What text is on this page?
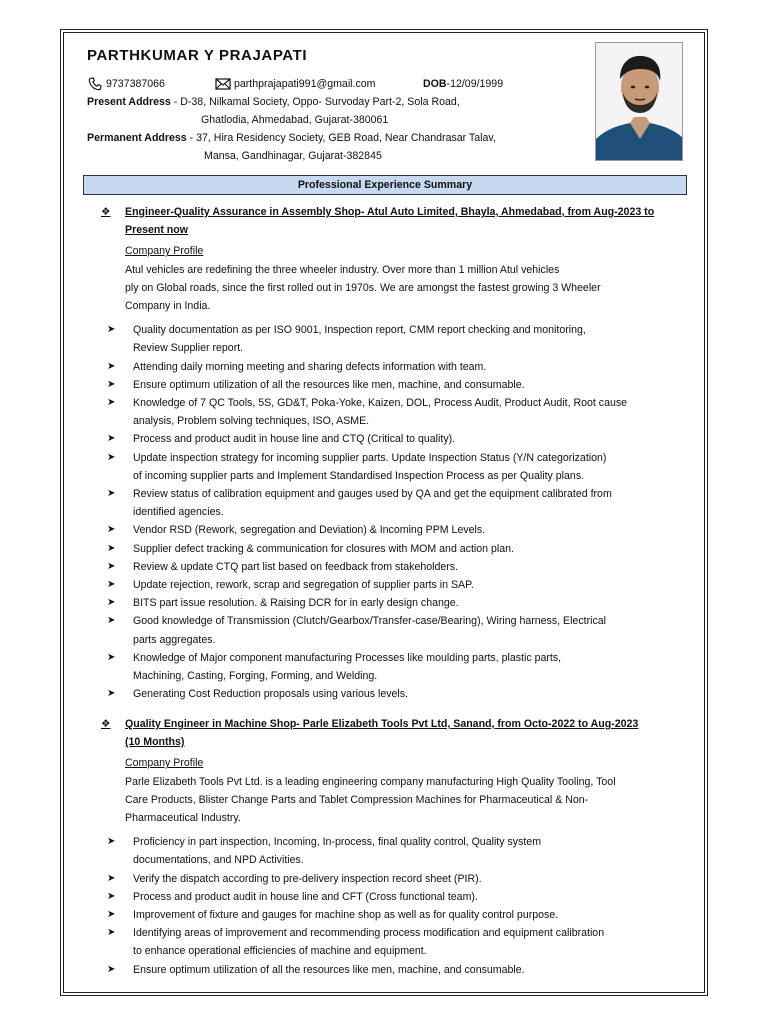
PARTHKUMAR Y PRAJAPATI
9737387066	parthprajapati991@gmail.com	DOB -12/09/1999
Present Address - D-38, Nilkamal Society, Oppo- Survoday Part-2, Sola Road,
Ghatlodia, Ahmedabad, Gujarat-380061
Permanent Address - 37, Hira Residency Society, GEB Road, Near Chandrasar Talav,
Mansa, Gandhinagar, Gujarat-382845
Professional Experience Summary
❖	Engineer-Quality Assurance in Assembly Shop- Atul Auto Limited, Bhayla, Ahmedabad, from Aug-2023 to
Present now
Company Profile
Atul vehicles are redefining the three wheeler industry. Over more than 1 million Atul vehicles
ply on Global roads, since the first rolled out in 1970s. We are amongst the fastest growing 3 Wheeler
Company in India.
➤	Quality documentation as per ISO 9001, Inspection report, CMM report checking and monitoring,
Review Supplier report.
➤	Attending daily morning meeting and sharing defects information with team.
➤	Ensure optimum utilization of all the resources like men, machine, and consumable.
➤	Knowledge of 7 QC Tools, 5S, GD&T, Poka-Yoke, Kaizen, DOL, Process Audit, Product Audit, Root cause
analysis, Problem solving techniques, ISO, ASME.
➤	Process and product audit in house line and CTQ (Critical to quality).
➤	Update inspection strategy for incoming supplier parts. Update Inspection Status (Y/N categorization)
of incoming supplier parts and Implement Standardised Inspection Process as per Quality plans.
➤	Review status of calibration equipment and gauges used by QA and get the equipment calibrated from
identified agencies.
➤	Vendor RSD (Rework, segregation and Deviation) & Incoming PPM Levels.
➤	Supplier defect tracking & communication for closures with MOM and action plan.
➤	Review & update CTQ part list based on feedback from stakeholders.
➤	Update rejection, rework, scrap and segregation of supplier parts in SAP.
➤	BITS part issue resolution. & Raising DCR for in early design change.
➤	Good knowledge of Transmission (Clutch/Gearbox/Transfer-case/Bearing), Wiring harness, Electrical
parts aggregates.
➤	Knowledge of Major component manufacturing Processes like moulding parts, plastic parts,
Machining, Casting, Forging, Forming, and Welding.
➤	Generating Cost Reduction proposals using various levels.
❖	Quality Engineer in Machine Shop- Parle Elizabeth Tools Pvt Ltd, Sanand, from Octo-2022 to Aug-2023
(10 Months)
Company Profile
Parle Elizabeth Tools Pvt Ltd. is a leading engineering company manufacturing High Quality Tooling, Tool
Care Products, Blister Change Parts and Tablet Compression Machines for Pharmaceutical & Non-
Pharmaceutical Industry.
➤	Proficiency in part inspection, Incoming, In-process, final quality control, Quality system
documentations, and NPD Activities.
➤	Verify the dispatch according to pre-delivery inspection record sheet (PIR).
➤	Process and product audit in house line and CFT (Cross functional team).
➤	Improvement of fixture and gauges for machine shop as well as for quality control purpose.
➤	Identifying areas of improvement and recommending process modification and equipment calibration
to enhance operational efficiencies of machine and equipment.
➤	Ensure optimum utilization of all the resources like men, machine, and consumable.
